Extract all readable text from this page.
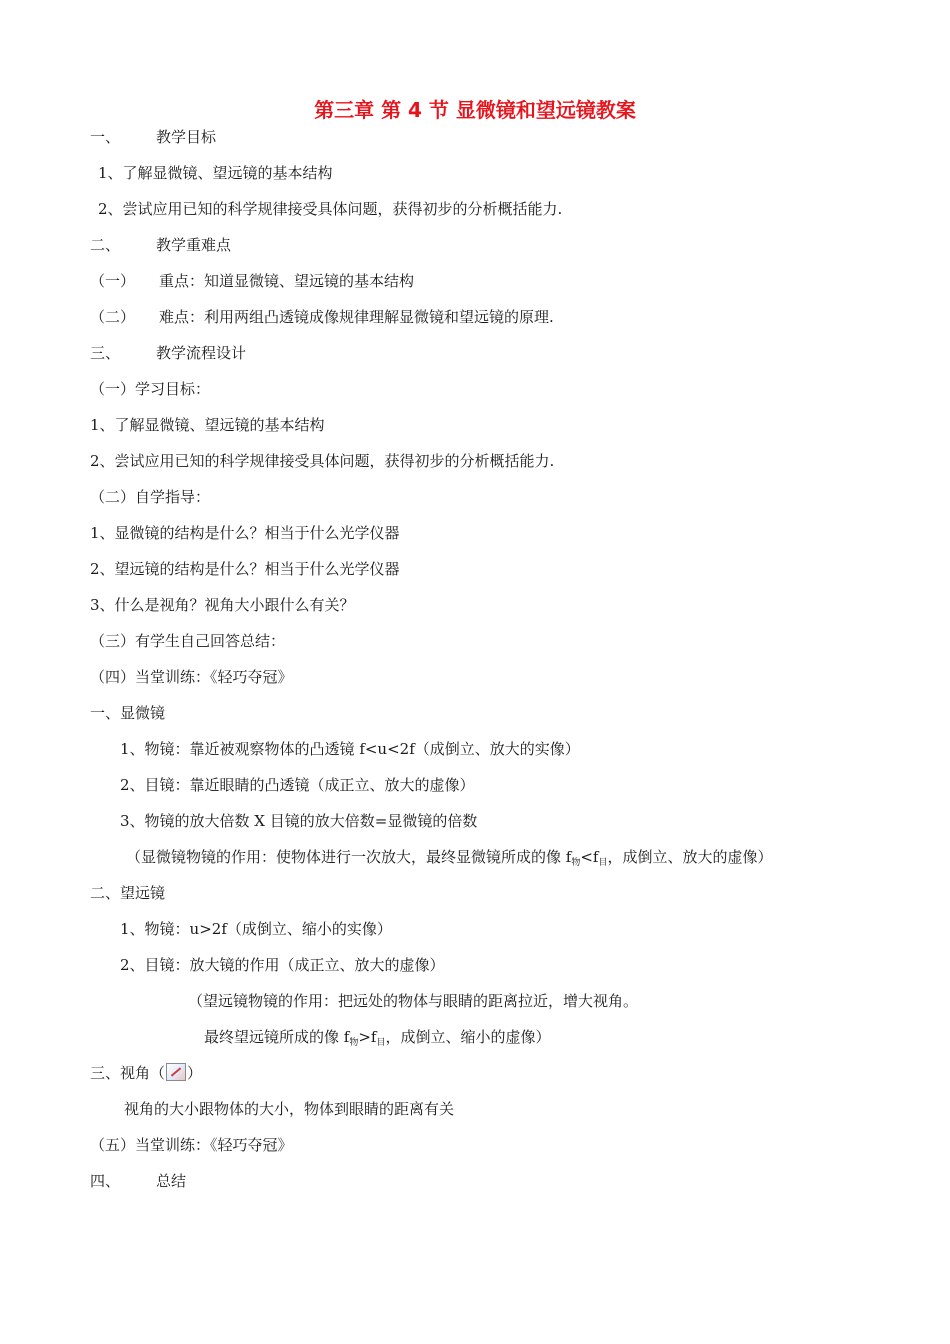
第三章 第 4 节 显微镜和望远镜教案
一、 教学目标
1、了解显微镜、望远镜的基本结构
2、尝试应用已知的科学规律接受具体问题，获得初步的分析概括能力.
二、 教学重难点
（一） 重点：知道显微镜、望远镜的基本结构
（二） 难点：利用两组凸透镜成像规律理解显微镜和望远镜的原理.
三、 教学流程设计
（一）学习目标：
1、了解显微镜、望远镜的基本结构
2、尝试应用已知的科学规律接受具体问题，获得初步的分析概括能力.
（二）自学指导：
1、显微镜的结构是什么？相当于什么光学仪器
2、望远镜的结构是什么？相当于什么光学仪器
3、什么是视角？视角大小跟什么有关？
（三）有学生自己回答总结：
（四）当堂训练：《轻巧夺冠》
一、显微镜
1、物镜：靠近被观察物体的凸透镜 f<u<2f（成倒立、放大的实像）
2、目镜：靠近眼睛的凸透镜（成正立、放大的虚像）
3、物镜的放大倍数 X 目镜的放大倍数=显微镜的倍数
（显微镜物镜的作用：使物体进行一次放大，最终显微镜所成的像 $f_物<f_目$，成倒立、放大的虚像）
二、望远镜
1、物镜：u>2f（成倒立、缩小的实像）
2、目镜：放大镜的作用（成正立、放大的虚像）
（望远镜物镜的作用：把远处的物体与眼睛的距离拉近，增大视角。
最终望远镜所成的像 $f_物>f_目$，成倒立、缩小的虚像）
三、视角（ ）
视角的大小跟物体的大小，物体到眼睛的距离有关
（五）当堂训练：《轻巧夺冠》
四、 总结
